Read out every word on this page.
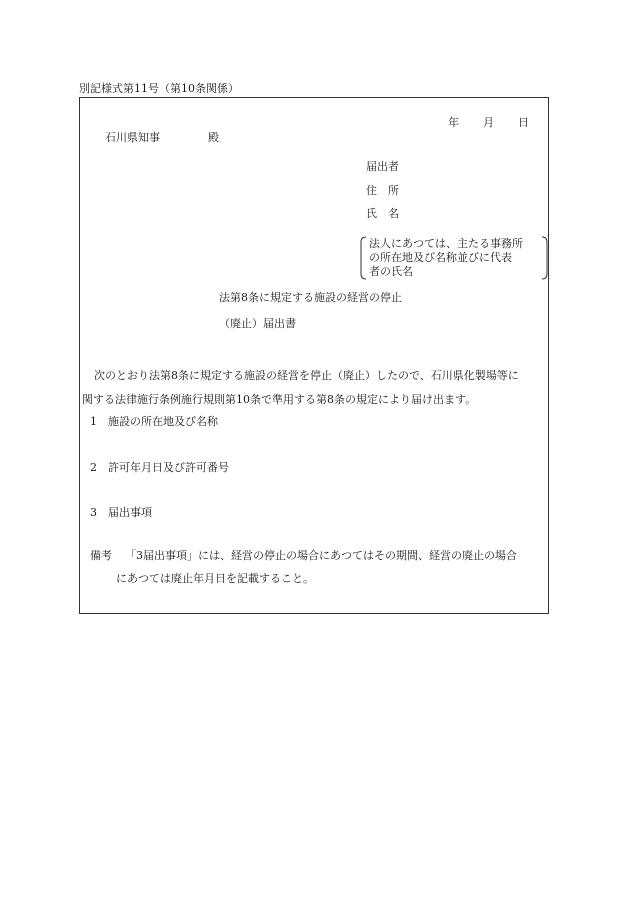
別記様式第11号（第10条関係）
年 月 日
石川県知事	殿
届出者
住　所
氏　名
法人にあつては、主たる事務所
の所在地及び名称並びに代表
者の氏名
法第8条に規定する施設の経営の停止
（廃止）届出書
次のとおり法第8条に規定する施設の経営を停止（廃止）したので、石川県化製場等に
関する法律施行条例施行規則第10条で準用する第8条の規定により届け出ます。
1 施設の所在地及び名称
2 許可年月日及び許可番号
3 届出事項
備考 「3届出事項」には、経営の停止の場合にあつてはその期間、経営の廃止の場合
にあつては廃止年月日を記載すること。
